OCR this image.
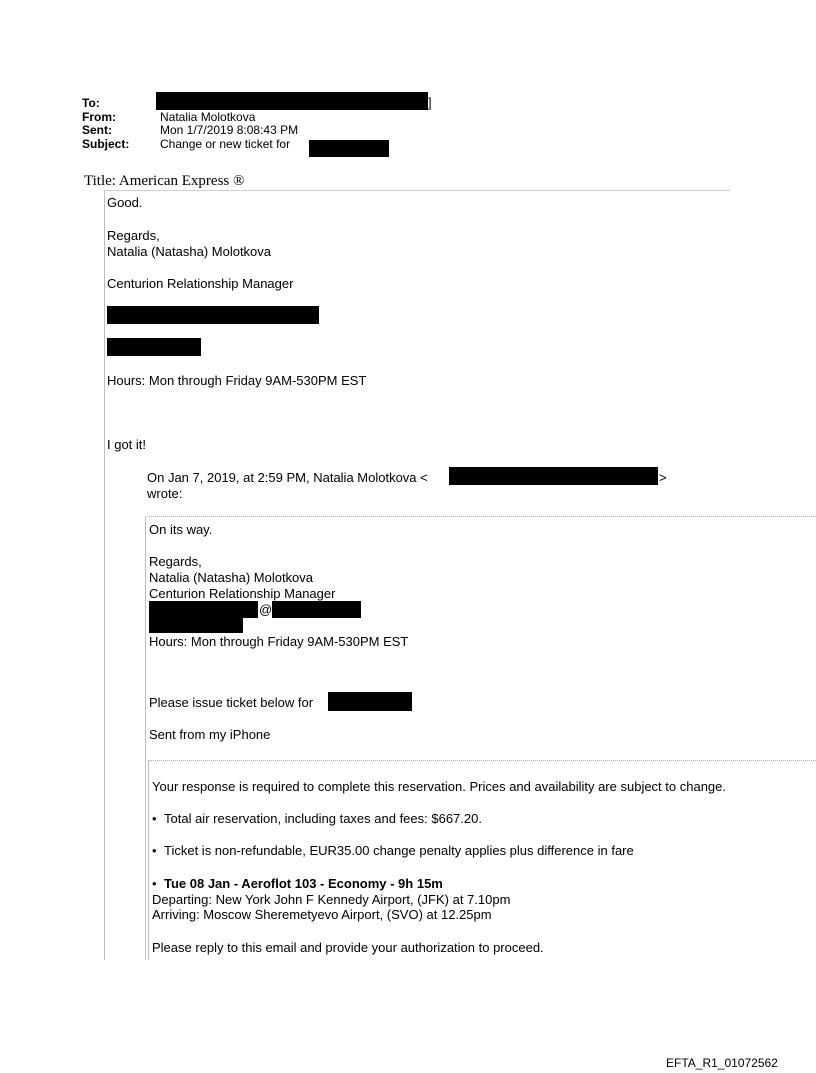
To:	]
From:	Natalia Molotkova
Sent:	Mon 1/7/2019 8:08:43 PM
Subject:	Change or new ticket for
Title: American Express ®
Good.
Regards,
Natalia (Natasha) Molotkova
Centurion Relationship Manager
Hours: Mon through Friday 9AM-530PM EST
I got it!
On Jan 7, 2019, at 2:59 PM, Natalia Molotkova <	>
wrote:
On its way.
Regards,
Natalia (Natasha) Molotkova
Centurion Relationship Manager
@
Hours: Mon through Friday 9AM-530PM EST
Please issue ticket below for
Sent from my iPhone
Your response is required to complete this reservation. Prices and availability are subject to change.
• Total air reservation, including taxes and fees: $667.20.
• Ticket is non-refundable, EUR35.00 change penalty applies plus difference in fare
• Tue 08 Jan - Aeroflot 103 - Economy - 9h 15m
Departing: New York John F Kennedy Airport, (JFK) at 7.10pm
Arriving: Moscow Sheremetyevo Airport, (SVO) at 12.25pm
Please reply to this email and provide your authorization to proceed.
EFTA_R1_01072562
